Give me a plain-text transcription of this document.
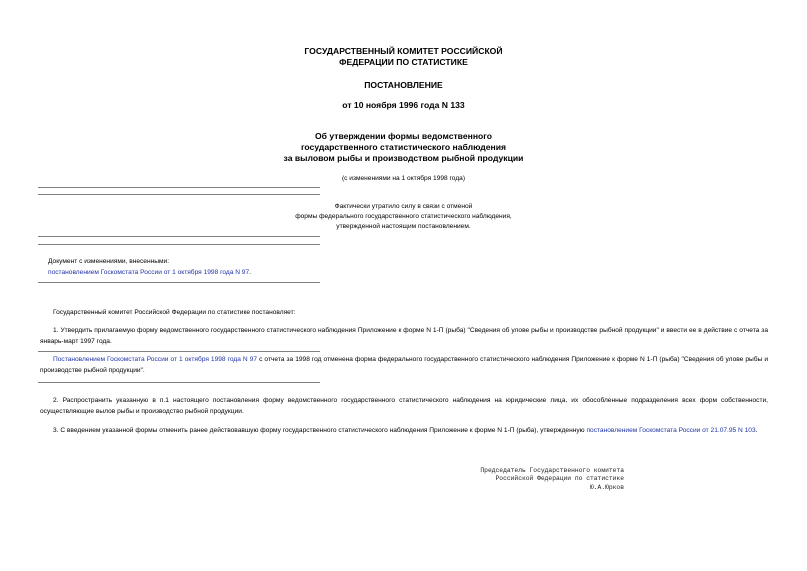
ГОСУДАРСТВЕННЫЙ КОМИТЕТ РОССИЙСКОЙ
ФЕДЕРАЦИИ ПО СТАТИСТИКЕ
ПОСТАНОВЛЕНИЕ
от 10 ноября 1996 года N 133
Об утверждении формы ведомственного
государственного статистического наблюдения
за выловом рыбы и производством рыбной продукции
(с изменениями на 1 октября 1998 года)
Фактически утратило силу в связи с отменой
формы федерального государственного статистического наблюдения,
утвержденной настоящим постановлением.
Документ с изменениями, внесенными:
постановлением Госкомстата России от 1 октября 1998 года N 97.
Государственный комитет Российской Федерации по статистике постановляет:
1. Утвердить прилагаемую форму ведомственного государственного статистического наблюдения Приложение к форме N 1-П (рыба) "Сведения об улове рыбы и производстве рыбной продукции" и ввести ее в действие с отчета за январь-март 1997 года.
Постановлением Госкомстата России от 1 октября 1998 года N 97 с отчета за 1998 год отменена форма федерального государственного статистического наблюдения Приложение к форме N 1-П (рыба) "Сведения об улове рыбы и производстве рыбной продукции".
2. Распространить указанную в п.1 настоящего постановления форму ведомственного государственного статистического наблюдения на юридические лица, их обособленные подразделения всех форм собственности, осуществляющие вылов рыбы и производство рыбной продукции.
3. С введением указанной формы отменить ранее действовавшую форму государственного статистического наблюдения Приложение к форме N 1-П (рыба), утвержденную постановлением Госкомстата России от 21.07.95 N 103.
Председатель Государственного комитета
Российской Федерации по статистике
Ю.А.Юрков
